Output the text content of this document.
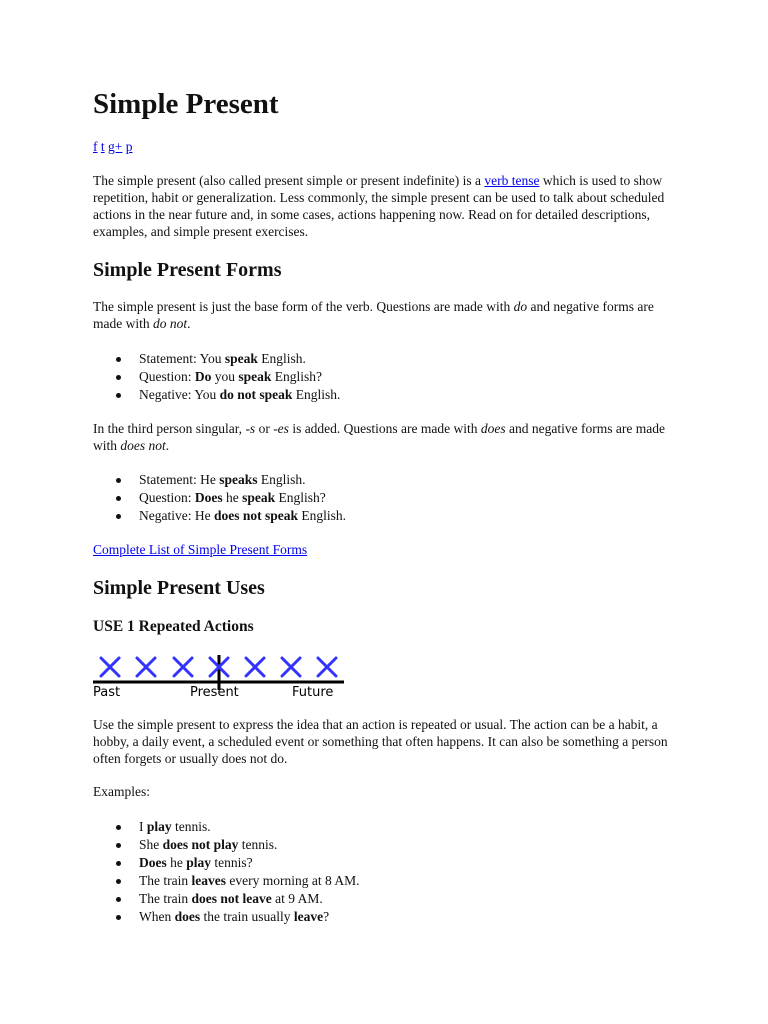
Simple Present
f t g+ p

The simple present (also called present simple or present indefinite) is a verb tense which is used to show repetition, habit or generalization. Less commonly, the simple present can be used to talk about scheduled actions in the near future and, in some cases, actions happening now. Read on for detailed descriptions, examples, and simple present exercises.

Simple Present Forms

The simple present is just the base form of the verb. Questions are made with do and negative forms are made with do not.

Statement: You speak English.
Question: Do you speak English?
Negative: You do not speak English.

In the third person singular, -s or -es is added. Questions are made with does and negative forms are made with does not.

Statement: He speaks English.
Question: Does he speak English?
Negative: He does not speak English.

Complete List of Simple Present Forms

Simple Present Uses
USE 1 Repeated Actions
Past	Present	Future

Use the simple present to express the idea that an action is repeated or usual. The action can be a habit, a hobby, a daily event, a scheduled event or something that often happens. It can also be something a person often forgets or usually does not do.

Examples:

I play tennis.
She does not play tennis.
Does he play tennis?
The train leaves every morning at 8 AM.
The train does not leave at 9 AM.
When does the train usually leave?
